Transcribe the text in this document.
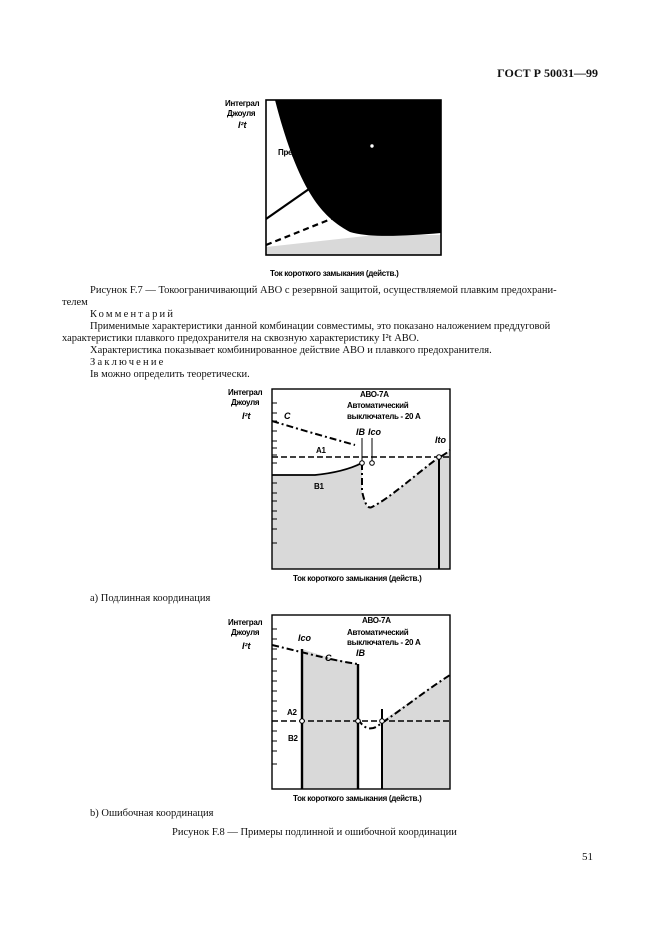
ГОСТ Р 50031—99
Интеграл
Джоуля
I²t
Предохранитель
АВО
Iв
Ток короткого замыкания (действ.)
Рисунок F.7 — Токоограничивающий АВО с резервной защитой, осуществляемой плавким предохрани-
телем
Комментарий
Применимые характеристики данной комбинации совместимы, это показано наложением преддуговой
характеристики плавкого предохранителя на сквозную характеристику I²t АВО.
Характеристика показывает комбинированное действие АВО и плавкого предохранителя.
Заключение
Iв можно определить теоретически.
Интеграл
Джоуля
I²t
АВО-7А
Автоматический
выключатель - 20 А
C
A1
B1
IB Ico
Ito
Ток короткого замыкания (действ.)
a) Подлинная координация
Интеграл
Джоуля
I²t
АВО-7А
Автоматический
выключатель - 20 А
Ico
IB
C
A2
B2
Ток короткого замыкания (действ.)
b) Ошибочная координация
Рисунок F.8 — Примеры подлинной и ошибочной координации
51
